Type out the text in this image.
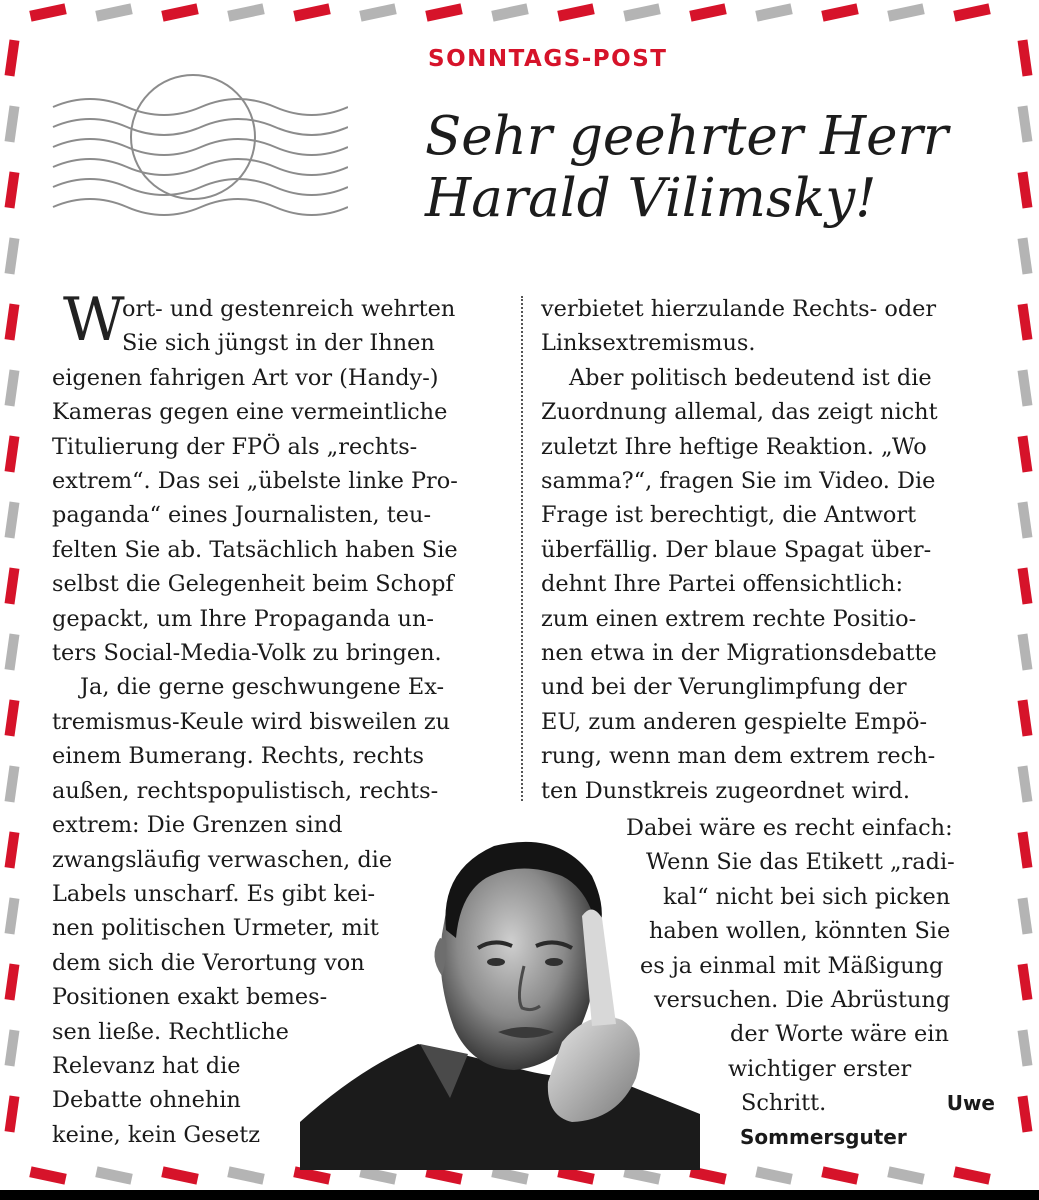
SONNTAGS-POST
Sehr geehrter Herr
Harald Vilimsky!
W
ort- und gestenreich wehrten
Sie sich jüngst in der Ihnen
eigenen fahrigen Art vor (Handy-)
Kameras gegen eine vermeintliche
Titulierung der FPÖ als „rechts-
extrem“. Das sei „übelste linke Pro-
paganda“ eines Journalisten, teu-
felten Sie ab. Tatsächlich haben Sie
selbst die Gelegenheit beim Schopf
gepackt, um Ihre Propaganda un-
ters Social-Media-Volk zu bringen.
Ja, die gerne geschwungene Ex-
tremismus-Keule wird bisweilen zu
einem Bumerang. Rechts, rechts
außen, rechtspopulistisch, rechts-
extrem: Die Grenzen sind
zwangsläufig verwaschen, die
Labels unscharf. Es gibt kei-
nen politischen Urmeter, mit
dem sich die Verortung von
Positionen exakt bemes-
sen ließe. Rechtliche
Relevanz hat die
Debatte ohnehin
keine, kein Gesetz
verbietet hierzulande Rechts- oder
Linksextremismus.
Aber politisch bedeutend ist die
Zuordnung allemal, das zeigt nicht
zuletzt Ihre heftige Reaktion. „Wo
samma?“, fragen Sie im Video. Die
Frage ist berechtigt, die Antwort
überfällig. Der blaue Spagat über-
dehnt Ihre Partei offensichtlich:
zum einen extrem rechte Positio-
nen etwa in der Migrationsdebatte
und bei der Verunglimpfung der
EU, zum anderen gespielte Empö-
rung, wenn man dem extrem rech-
ten Dunstkreis zugeordnet wird.
Dabei wäre es recht einfach:
Wenn Sie das Etikett „radi-
kal“ nicht bei sich picken
haben wollen, könnten Sie
es ja einmal mit Mäßigung
versuchen. Die Abrüstung
der Worte wäre ein
wichtiger erster
Schritt.	Uwe
Sommersguter
